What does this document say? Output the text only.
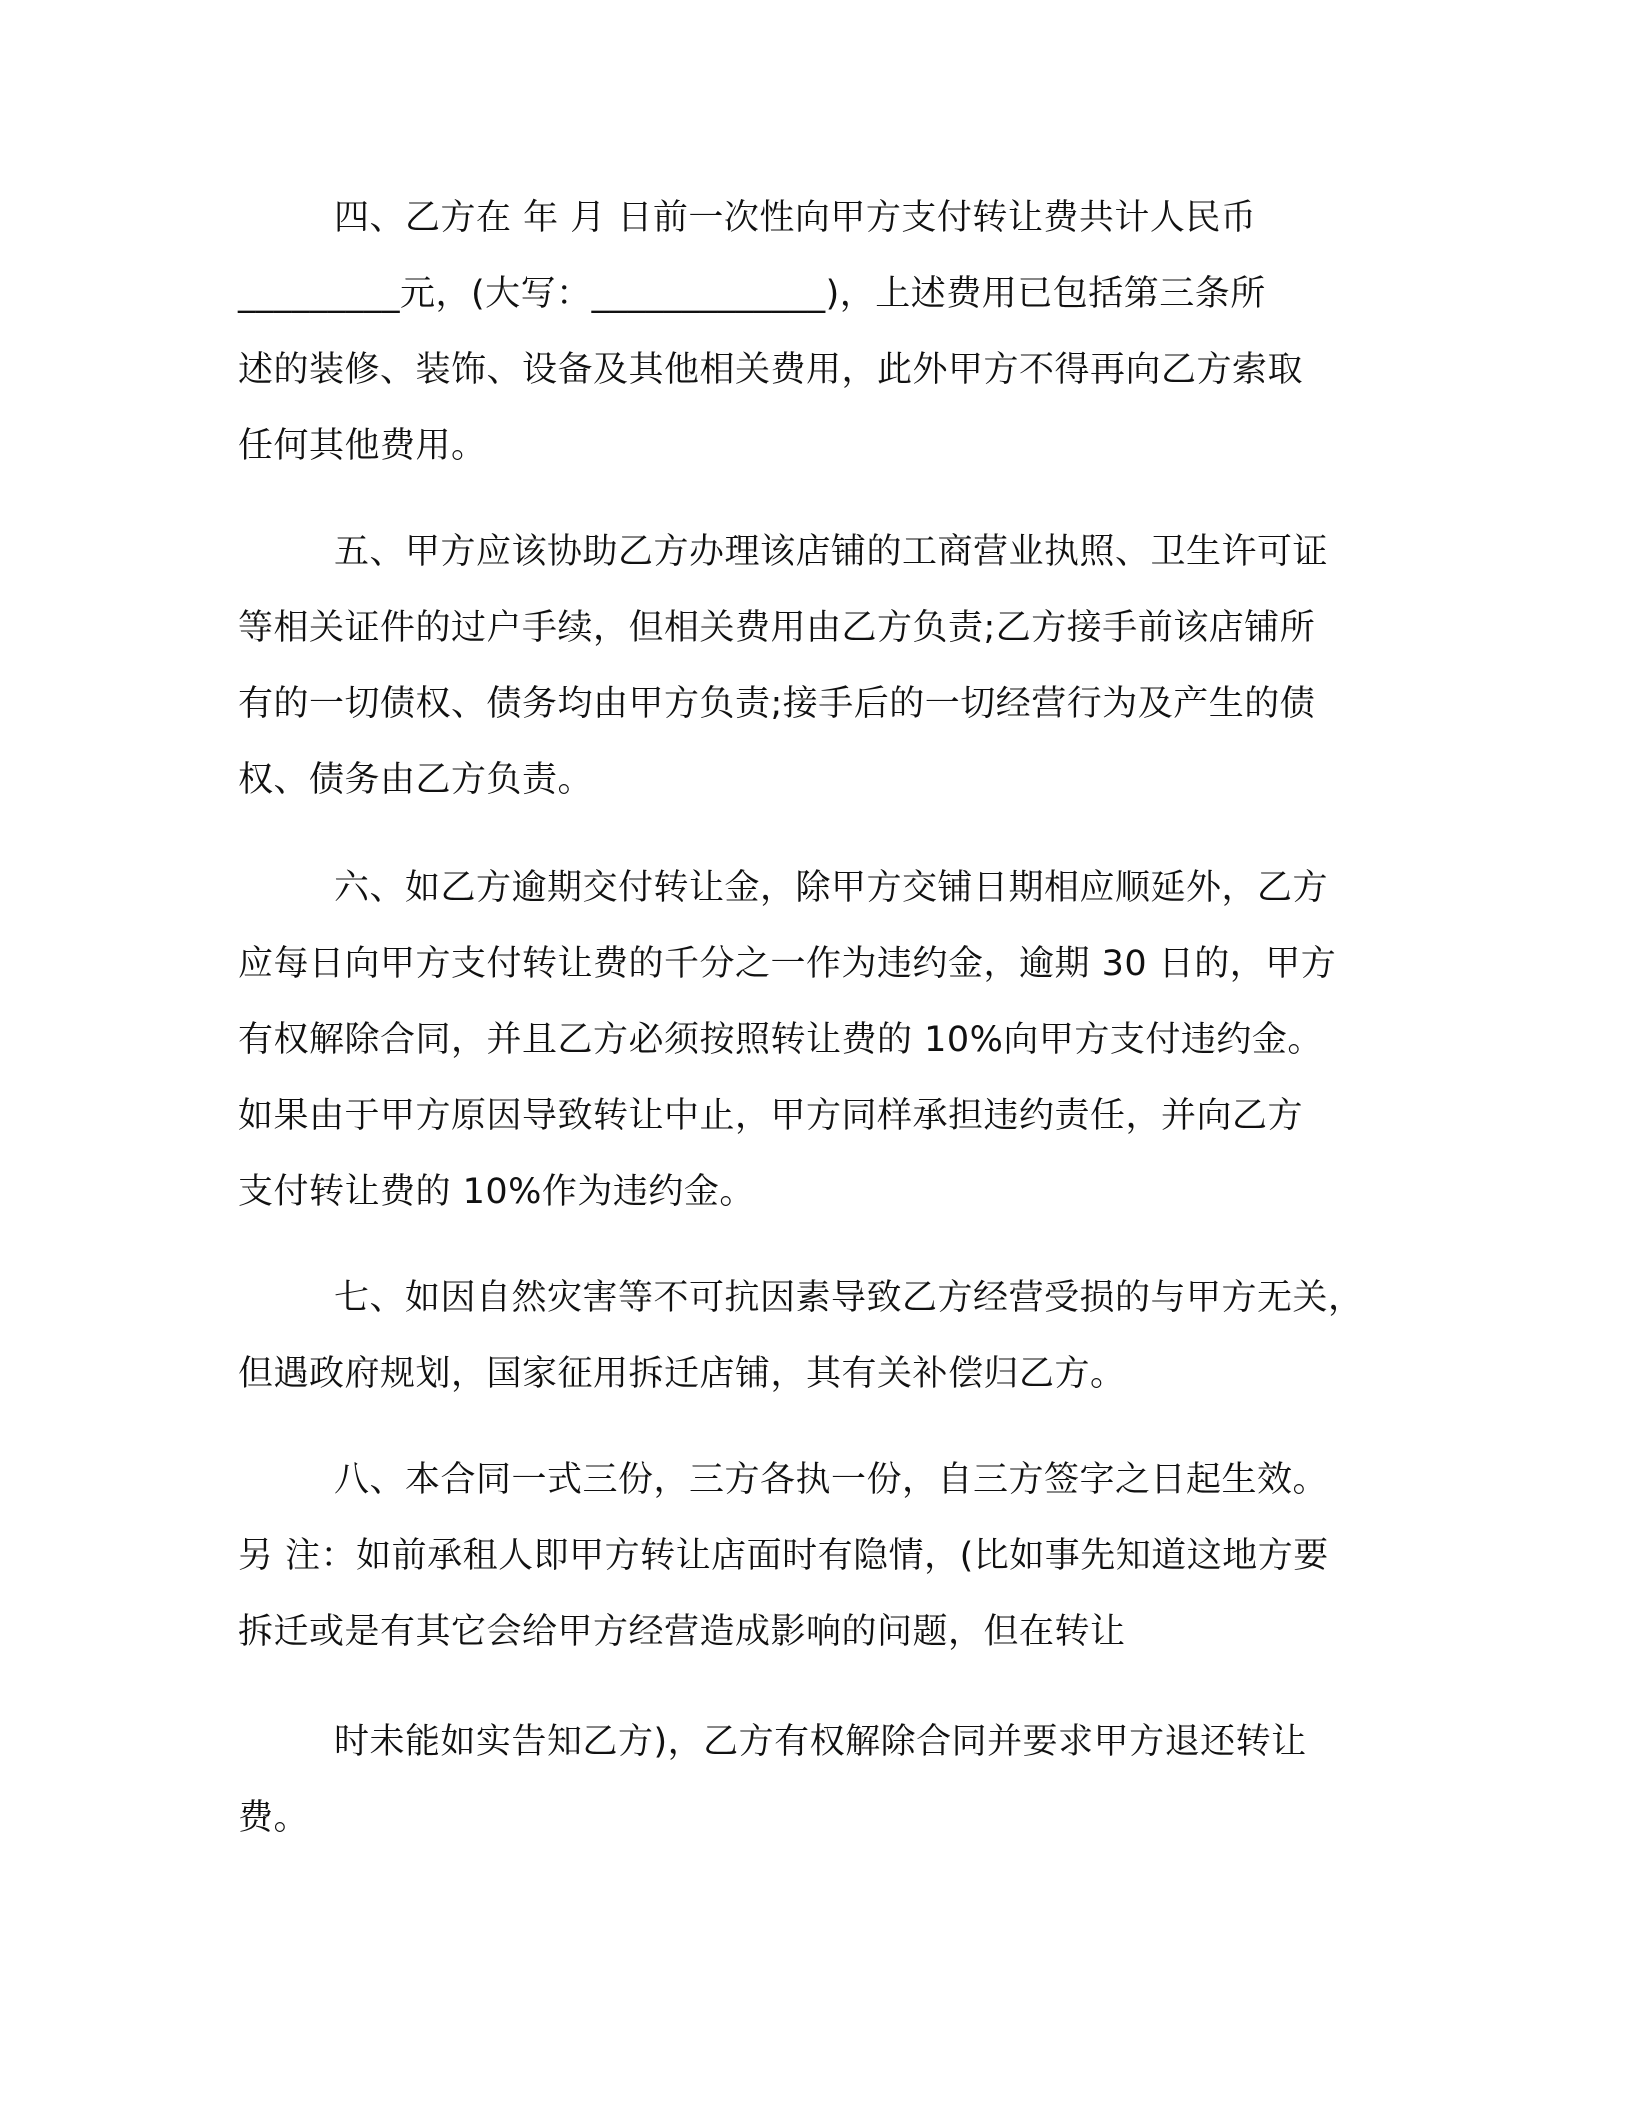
四、乙方在 年 月 日前一次性向甲方支付转让费共计人民币
_________元，(大写：_____________)，上述费用已包括第三条所
述的装修、装饰、设备及其他相关费用，此外甲方不得再向乙方索取
任何其他费用。
五、甲方应该协助乙方办理该店铺的工商营业执照、卫生许可证
等相关证件的过户手续，但相关费用由乙方负责;乙方接手前该店铺所
有的一切债权、债务均由甲方负责;接手后的一切经营行为及产生的债
权、债务由乙方负责。
六、如乙方逾期交付转让金，除甲方交铺日期相应顺延外，乙方
应每日向甲方支付转让费的千分之一作为违约金，逾期 30 日的，甲方
有权解除合同，并且乙方必须按照转让费的 10%向甲方支付违约金。
如果由于甲方原因导致转让中止，甲方同样承担违约责任，并向乙方
支付转让费的 10%作为违约金。
七、如因自然灾害等不可抗因素导致乙方经营受损的与甲方无关，
但遇政府规划，国家征用拆迁店铺，其有关补偿归乙方。
八、本合同一式三份，三方各执一份，自三方签字之日起生效。
另 注：如前承租人即甲方转让店面时有隐情，(比如事先知道这地方要
拆迁或是有其它会给甲方经营造成影响的问题，但在转让
时未能如实告知乙方)，乙方有权解除合同并要求甲方退还转让
费。
